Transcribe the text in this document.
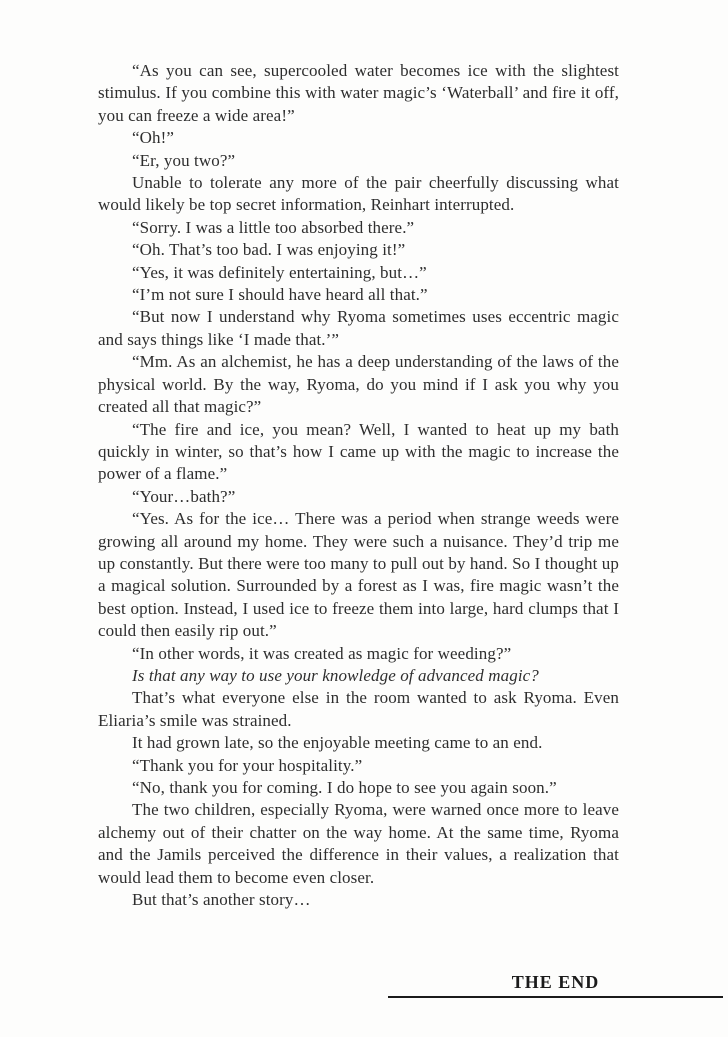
“As you can see, supercooled water becomes ice with the slightest stimulus. If you combine this with water magic’s ‘Waterball’ and fire it off, you can freeze a wide area!”

“Oh!”

“Er, you two?”

Unable to tolerate any more of the pair cheerfully discussing what would likely be top secret information, Reinhart interrupted.

“Sorry. I was a little too absorbed there.”

“Oh. That’s too bad. I was enjoying it!”

“Yes, it was definitely entertaining, but…”

“I’m not sure I should have heard all that.”

“But now I understand why Ryoma sometimes uses eccentric magic and says things like ‘I made that.’”

“Mm. As an alchemist, he has a deep understanding of the laws of the physical world. By the way, Ryoma, do you mind if I ask you why you created all that magic?”

“The fire and ice, you mean? Well, I wanted to heat up my bath quickly in winter, so that’s how I came up with the magic to increase the power of a flame.”

“Your…bath?”

“Yes. As for the ice… There was a period when strange weeds were growing all around my home. They were such a nuisance. They’d trip me up constantly. But there were too many to pull out by hand. So I thought up a magical solution. Surrounded by a forest as I was, fire magic wasn’t the best option. Instead, I used ice to freeze them into large, hard clumps that I could then easily rip out.”

“In other words, it was created as magic for weeding?”

Is that any way to use your knowledge of advanced magic?

That’s what everyone else in the room wanted to ask Ryoma. Even Eliaria’s smile was strained.

It had grown late, so the enjoyable meeting came to an end.

“Thank you for your hospitality.”

“No, thank you for coming. I do hope to see you again soon.”

The two children, especially Ryoma, were warned once more to leave alchemy out of their chatter on the way home. At the same time, Ryoma and the Jamils perceived the difference in their values, a realization that would lead them to become even closer.

But that’s another story…

THE END
